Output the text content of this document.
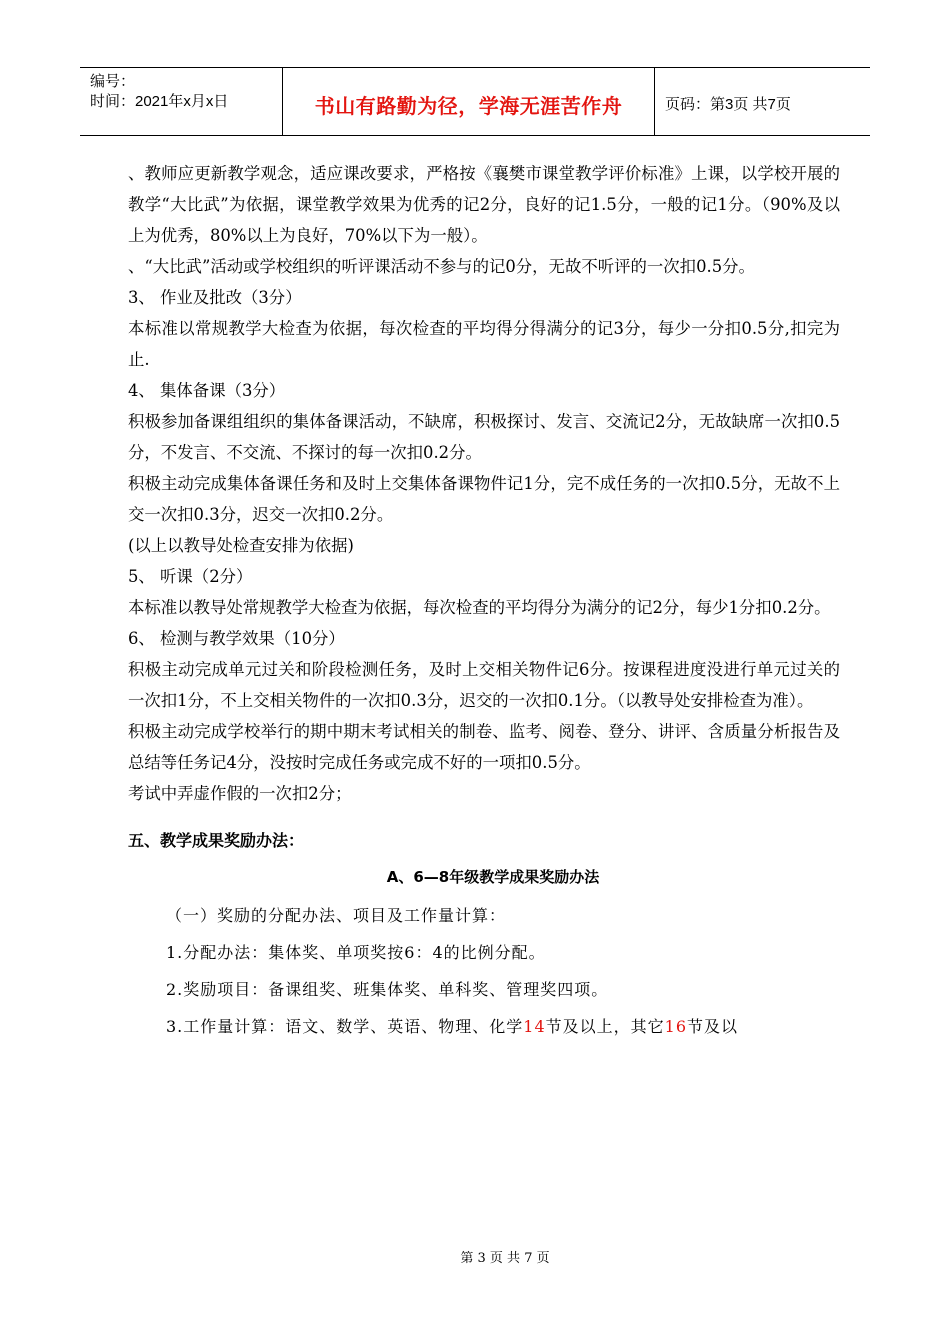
编号：
时间：2021年x月x日	书山有路勤为径，学海无涯苦作舟	页码：第3页 共7页

、教师应更新教学观念，适应课改要求，严格按《襄樊市课堂教学评价标准》上课，以学校开展的教学“大比武”为依据，课堂教学效果为优秀的记2分，良好的记1.5分，一般的记1分。（90%及以上为优秀，80%以上为良好，70%以下为一般）。

、“大比武”活动或学校组织的听评课活动不参与的记0分，无故不听评的一次扣0.5分。

3、 作业及批改（3分）

本标准以常规教学大检查为依据，每次检查的平均得分得满分的记3分，每少一分扣0.5分,扣完为止.

4、 集体备课（3分）

积极参加备课组组织的集体备课活动，不缺席，积极探讨、发言、交流记2分，无故缺席一次扣0.5分，不发言、不交流、不探讨的每一次扣0.2分。

积极主动完成集体备课任务和及时上交集体备课物件记1分，完不成任务的一次扣0.5分，无故不上交一次扣0.3分，迟交一次扣0.2分。

(以上以教导处检查安排为依据)

5、 听课（2分）

本标准以教导处常规教学大检查为依据，每次检查的平均得分为满分的记2分，每少1分扣0.2分。

6、 检测与教学效果（10分）

积极主动完成单元过关和阶段检测任务，及时上交相关物件记6分。按课程进度没进行单元过关的一次扣1分，不上交相关物件的一次扣0.3分，迟交的一次扣0.1分。（以教导处安排检查为准）。

积极主动完成学校举行的期中期末考试相关的制卷、监考、阅卷、登分、讲评、含质量分析报告及总结等任务记4分，没按时完成任务或完成不好的一项扣0.5分。

考试中弄虚作假的一次扣2分；

五、教学成果奖励办法：

A、6—8年级教学成果奖励办法

（一）奖励的分配办法、项目及工作量计算：

1.分配办法：集体奖、单项奖按6：4的比例分配。

2.奖励项目：备课组奖、班集体奖、单科奖、管理奖四项。

3.工作量计算：语文、数学、英语、物理、化学14节及以上，其它16节及以

第 3 页 共 7 页
